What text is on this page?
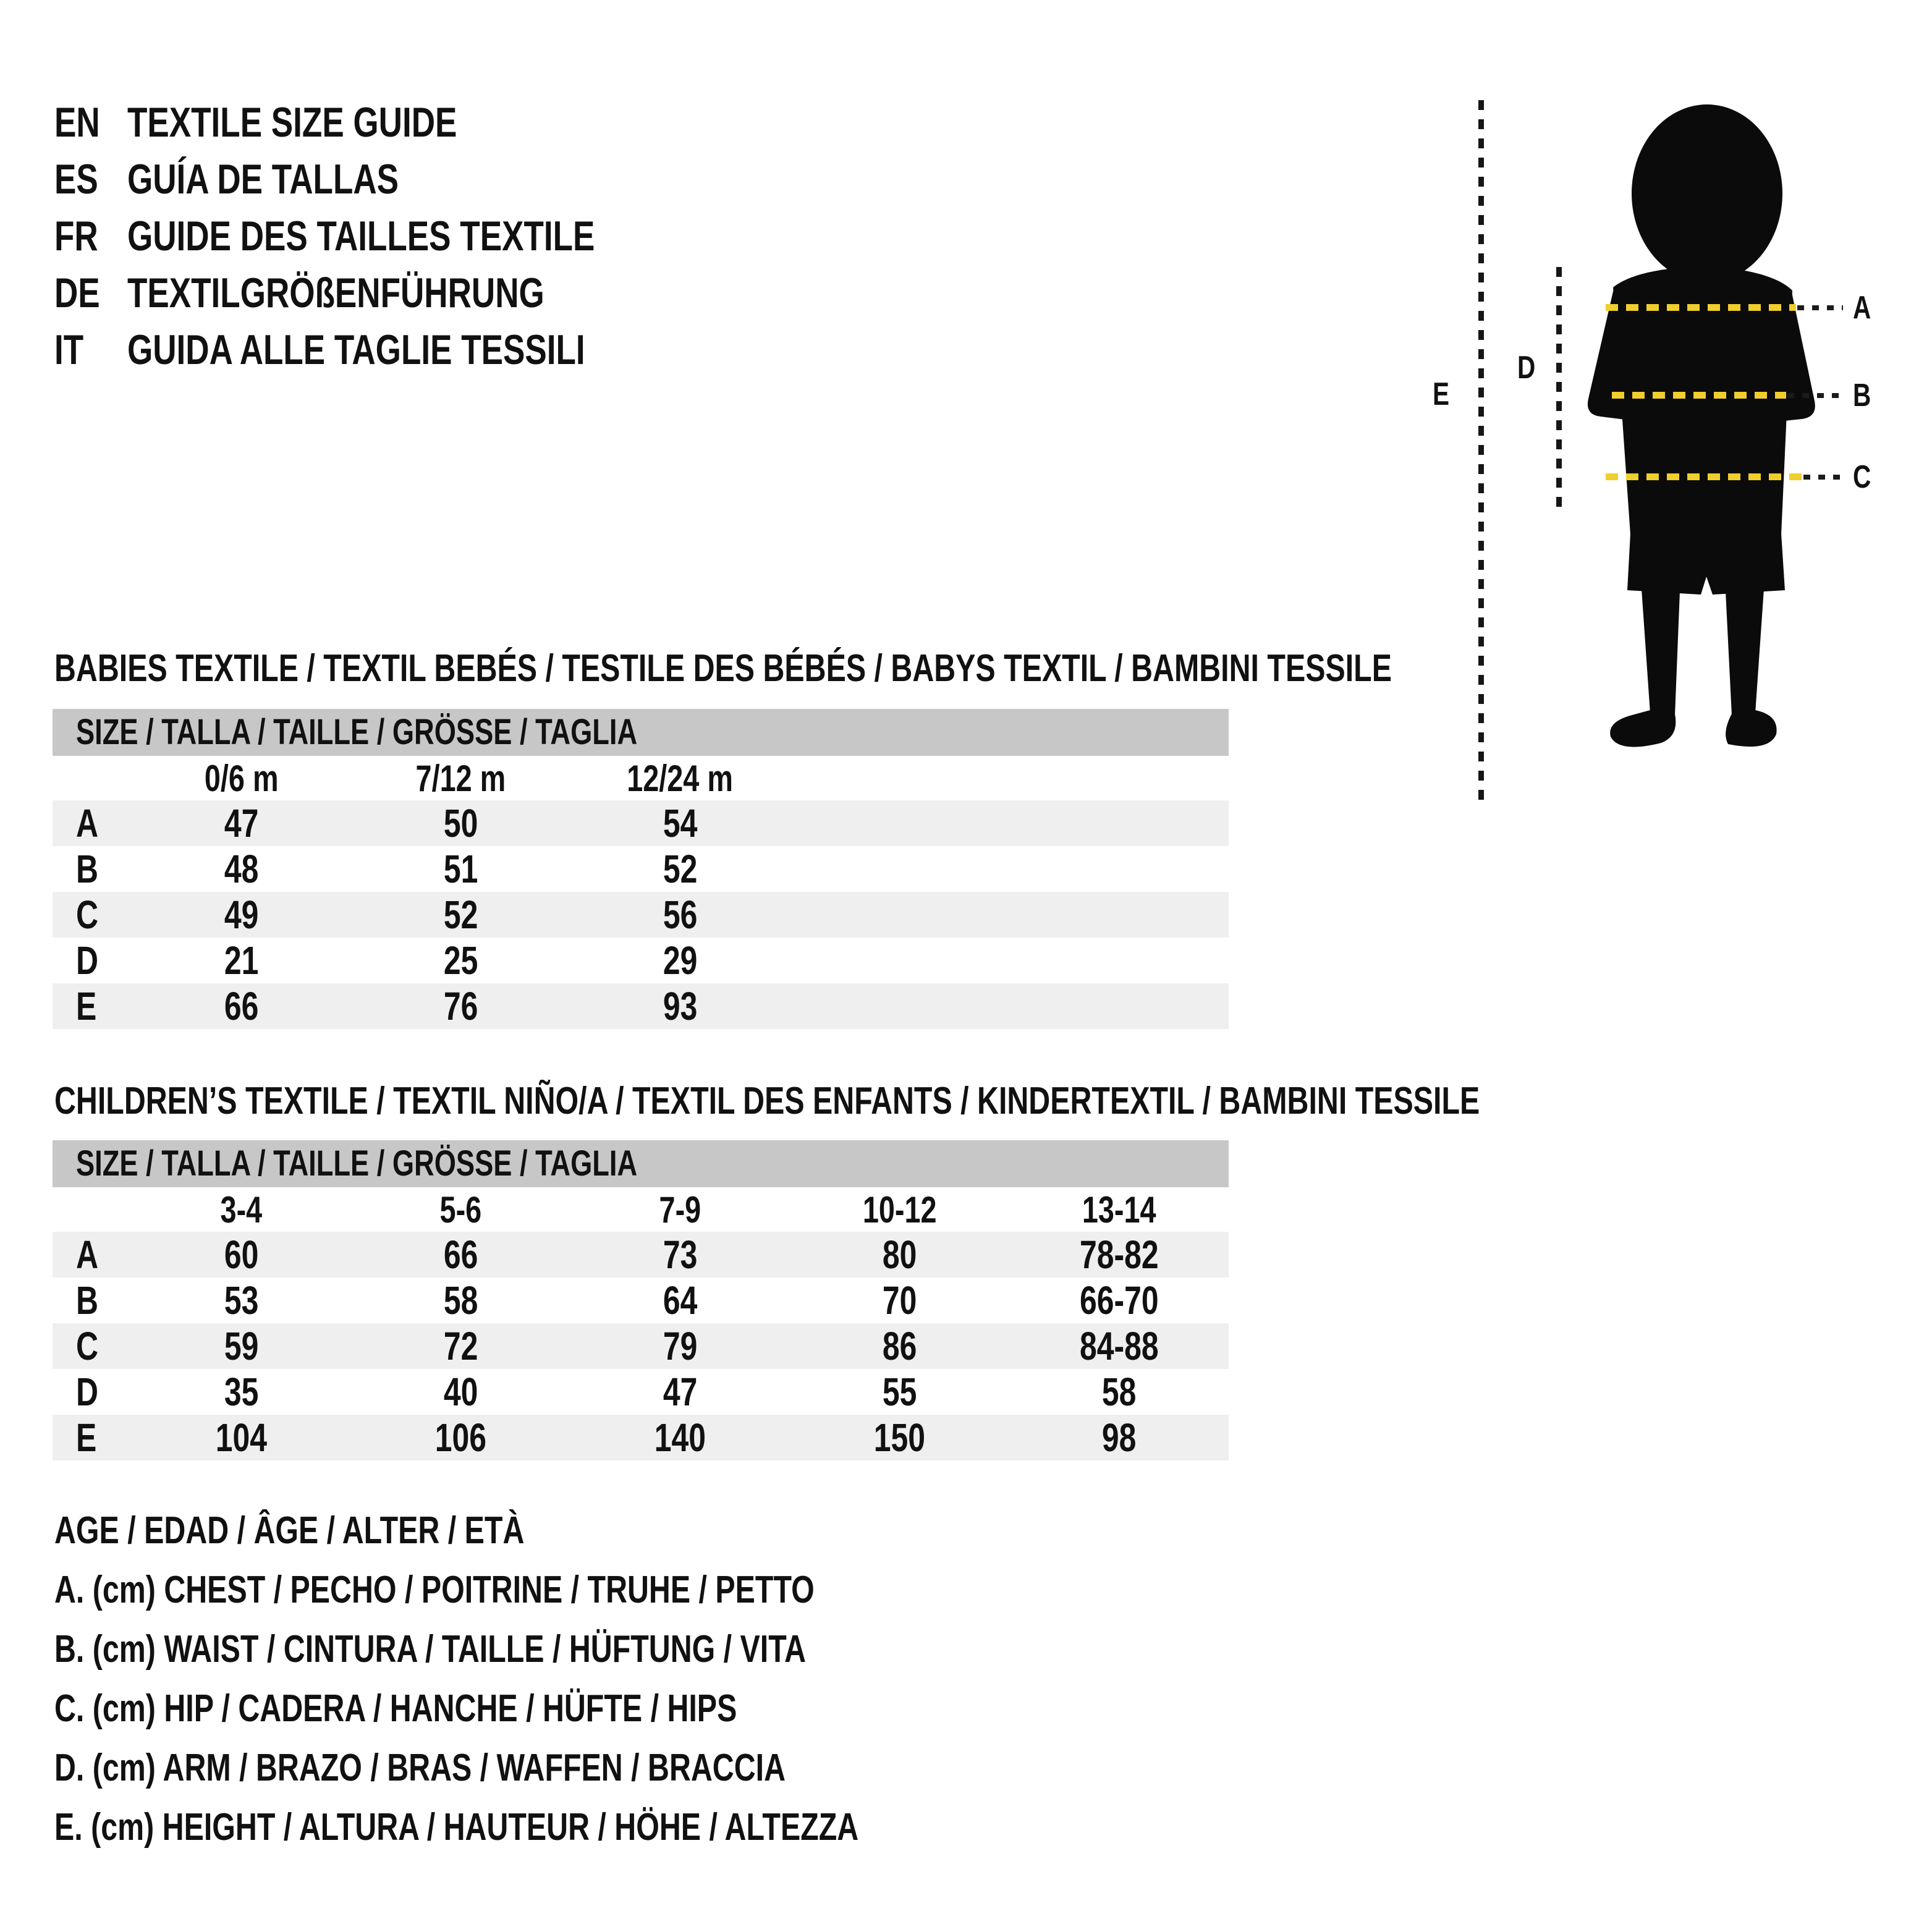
EN TEXTILE SIZE GUIDE
ES GUÍA DE TALLAS
FR GUIDE DES TAILLES TEXTILE
DE TEXTILGRÖßENFÜHRUNG
IT	GUIDA ALLE TAGLIE TESSILI
E
D
A
B
C
BABIES TEXTILE / TEXTIL BEBÉS / TESTILE DES BÉBÉS / BABYS TEXTIL / BAMBINI TESSILE
SIZE / TALLA / TAILLE / GRÖSSE / TAGLIA
0/6 m	7/12 m	12/24 m
A	47	50	54
B	48	51	52
C	49	52	56
D	21	25	29
E	66	76	93
CHILDREN’S TEXTILE / TEXTIL NIÑO/A / TEXTIL DES ENFANTS / KINDERTEXTIL / BAMBINI TESSILE
SIZE / TALLA / TAILLE / GRÖSSE / TAGLIA
3-4	5-6	7-9	10-12	13-14
A	60	66	73	80	78-82
B	53	58	64	70	66-70
C	59	72	79	86	84-88
D	35	40	47	55	58
E	104	106	140	150	98
AGE / EDAD / ÂGE / ALTER / ETÀ
A. (cm) CHEST / PECHO / POITRINE / TRUHE / PETTO
B. (cm) WAIST / CINTURA / TAILLE / HÜFTUNG / VITA
C. (cm) HIP / CADERA / HANCHE / HÜFTE / HIPS
D. (cm) ARM / BRAZO / BRAS / WAFFEN / BRACCIA
E. (cm) HEIGHT / ALTURA / HAUTEUR / HÖHE / ALTEZZA
